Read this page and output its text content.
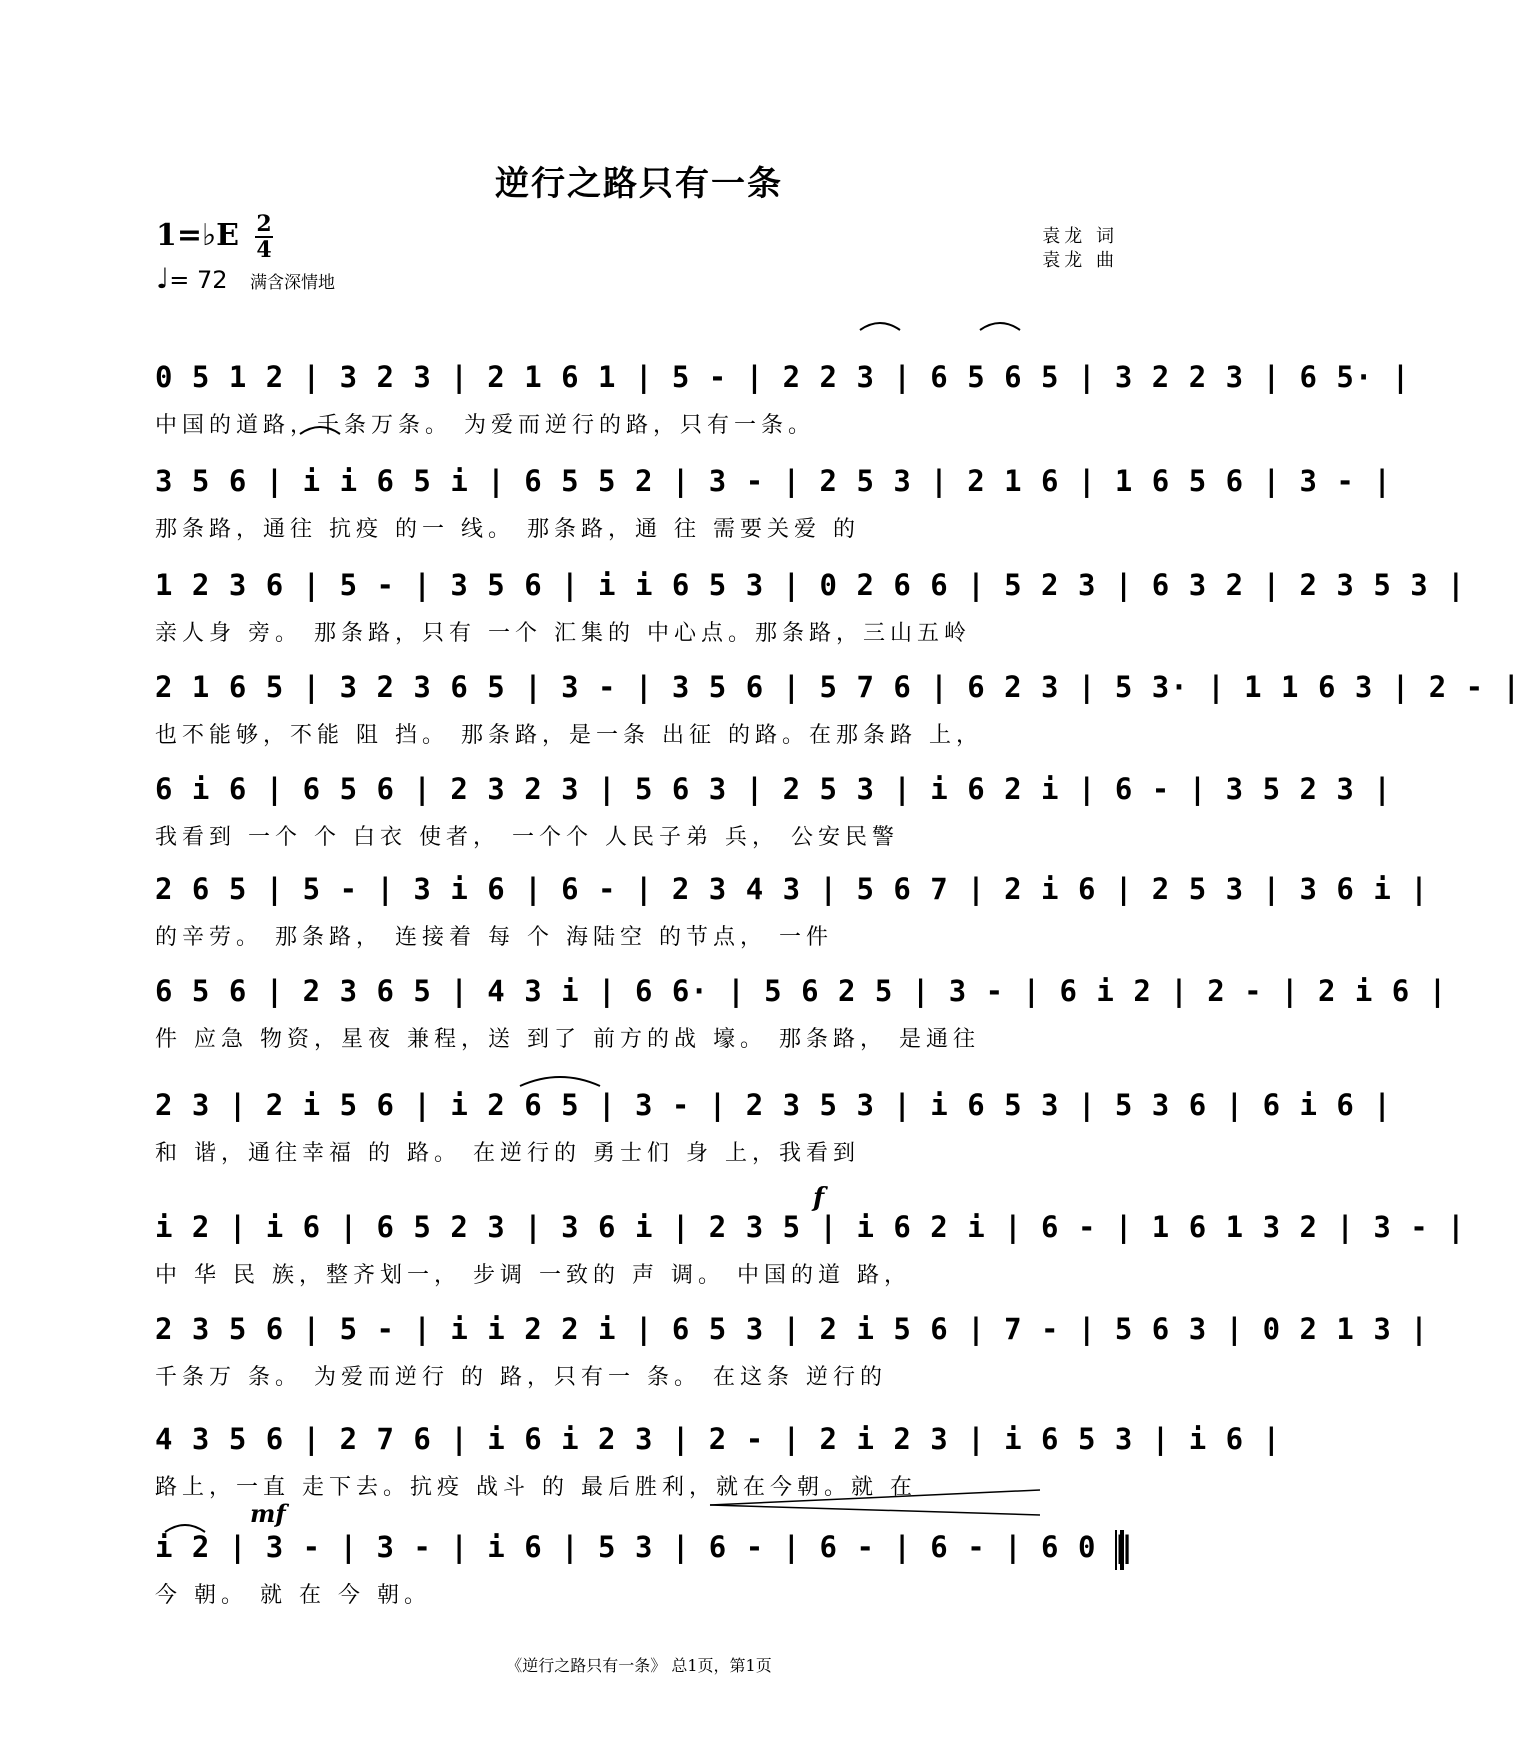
逆行之路只有一条
1=♭E 2
4
♩= 72 满含深情地
袁龙 词
袁龙 曲
0 5 1 2 | 3 2 3 | 2 1 6 1 | 5 - | 2 2 3 | 6 5 6 5 | 3 2 2 3 | 6 5· |
中国的道路，千条万条。 为爱而逆行的路，只有一条。
3 5 6 | i i 6 5 i | 6 5 5 2 | 3 - | 2 5 3 | 2 1 6 | 1 6 5 6 | 3 - |
那条路，通往 抗疫 的一 线。 那条路，通 往 需要关爱 的
1 2 3 6 | 5 - | 3 5 6 | i i 6 5 3 | 0 2 6 6 | 5 2 3 | 6 3 2 | 2 3 5 3 |
亲人身 旁。 那条路，只有 一个 汇集的 中心点。那条路，三山五岭
2 1 6 5 | 3 2 3 6 5 | 3 - | 3 5 6 | 5 7 6 | 6 2 3 | 5 3· | 1 1 6 3 | 2 - |
也不能够，不能 阻 挡。 那条路，是一条 出征 的路。在那条路 上，
6 i 6 | 6 5 6 | 2 3 2 3 | 5 6 3 | 2 5 3 | i 6 2 i | 6 - | 3 5 2 3 |
我看到 一个 个 白衣 使者， 一个个 人民子弟 兵， 公安民警
2 6 5 | 5 - | 3 i 6 | 6 - | 2 3 4 3 | 5 6 7 | 2 i 6 | 2 5 3 | 3 6 i |
的辛劳。 那条路， 连接着 每 个 海陆空 的节点， 一件
6 5 6 | 2 3 6 5 | 4 3 i | 6 6· | 5 6 2 5 | 3 - | 6 i 2 | 2 - | 2 i 6 |
件 应急 物资，星夜 兼程，送 到了 前方的战 壕。 那条路， 是通往
2 3 | 2 i 5 6 | i 2 6 5 | 3 - | 2 3 5 3 | i 6 5 3 | 5 3 6 | 6 i 6 |
和 谐，通往幸福 的 路。 在逆行的 勇士们 身 上，我看到
i 2 | i 6 | 6 5 2 3 | 3 6 i | 2 3 5 | i 6 2 i | 6 - | 1 6 1 3 2 | 3 - |
中 华 民 族，整齐划一， 步调 一致的 声 调。 中国的道 路，
2 3 5 6 | 5 - | i i 2 2 i | 6 5 3 | 2 i 5 6 | 7 - | 5 6 3 | 0 2 1 3 |
千条万 条。 为爱而逆行 的 路，只有一 条。 在这条 逆行的
4 3 5 6 | 2 7 6 | i 6 i 2 3 | 2 - | 2 i 2 3 | i 6 5 3 | i 6 |
路上，一直 走下去。抗疫 战斗 的 最后胜利，就在今朝。就 在
i 2 | 3 - | 3 - | i 6 | 5 3 | 6 - | 6 - | 6 - | 6 0 ‖
今 朝。 就 在 今 朝。
f
mf
《逆行之路只有一条》 总1页，第1页
